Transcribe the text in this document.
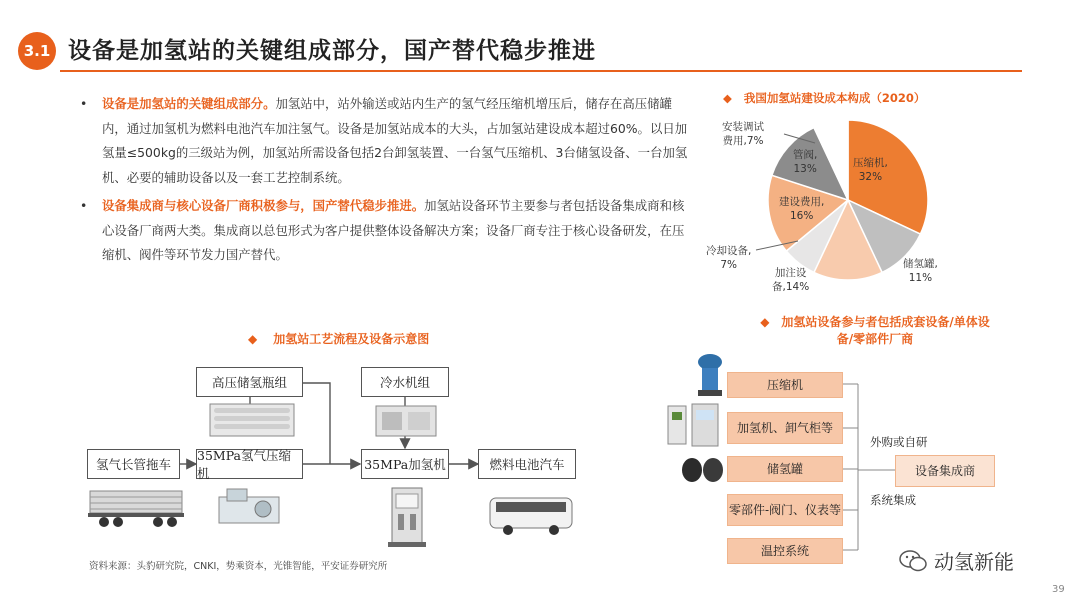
3.1 设备是加氢站的关键组成部分，国产替代稳步推进
• 设备是加氢站的关键组成部分。加氢站中，站外输送或站内生产的氢气经压缩机增压后，储存在高压储罐内，通过加氢机为燃料电池汽车加注氢气。设备是加氢站成本的大头，占加氢站建设成本超过60%。以日加氢量≤500kg的三级站为例，加氢站所需设备包括2台卸氢装置、一台氢气压缩机、3台储氢设备、一台加氢机、必要的辅助设备以及一套工艺控制系统。
• 设备集成商与核心设备厂商积极参与，国产替代稳步推进。加氢站设备环节主要参与者包括设备集成商和核心设备厂商两大类。集成商以总包形式为客户提供整体设备解决方案；设备厂商专注于核心设备研发，在压缩机、阀件等环节发力国产替代。
◆ 加氢站工艺流程及设备示意图
氢气长管拖车
高压储氢瓶组
35MPa氢气压缩机
冷水机组
35MPa加氢机	燃料电池汽车
资料来源：头豹研究院，CNKI，势乘资本，光锥智能，平安证券研究所
◆ 我国加氢站建设成本构成（2020）
压缩机,
32%
储氢罐,
11%
加注设
备,14%
冷却设备,
7%
建设费用,
16%
管阀,
13%
安装调试
费用,7%
◆ 加氢站设备参与者包括成套设备/单体设
备/零部件厂商
压缩机
加氢机、卸气柜等
储氢罐
零部件-阀门、仪表等
温控系统
设备集成商
外购或自研
系统集成
动氢新能
39
